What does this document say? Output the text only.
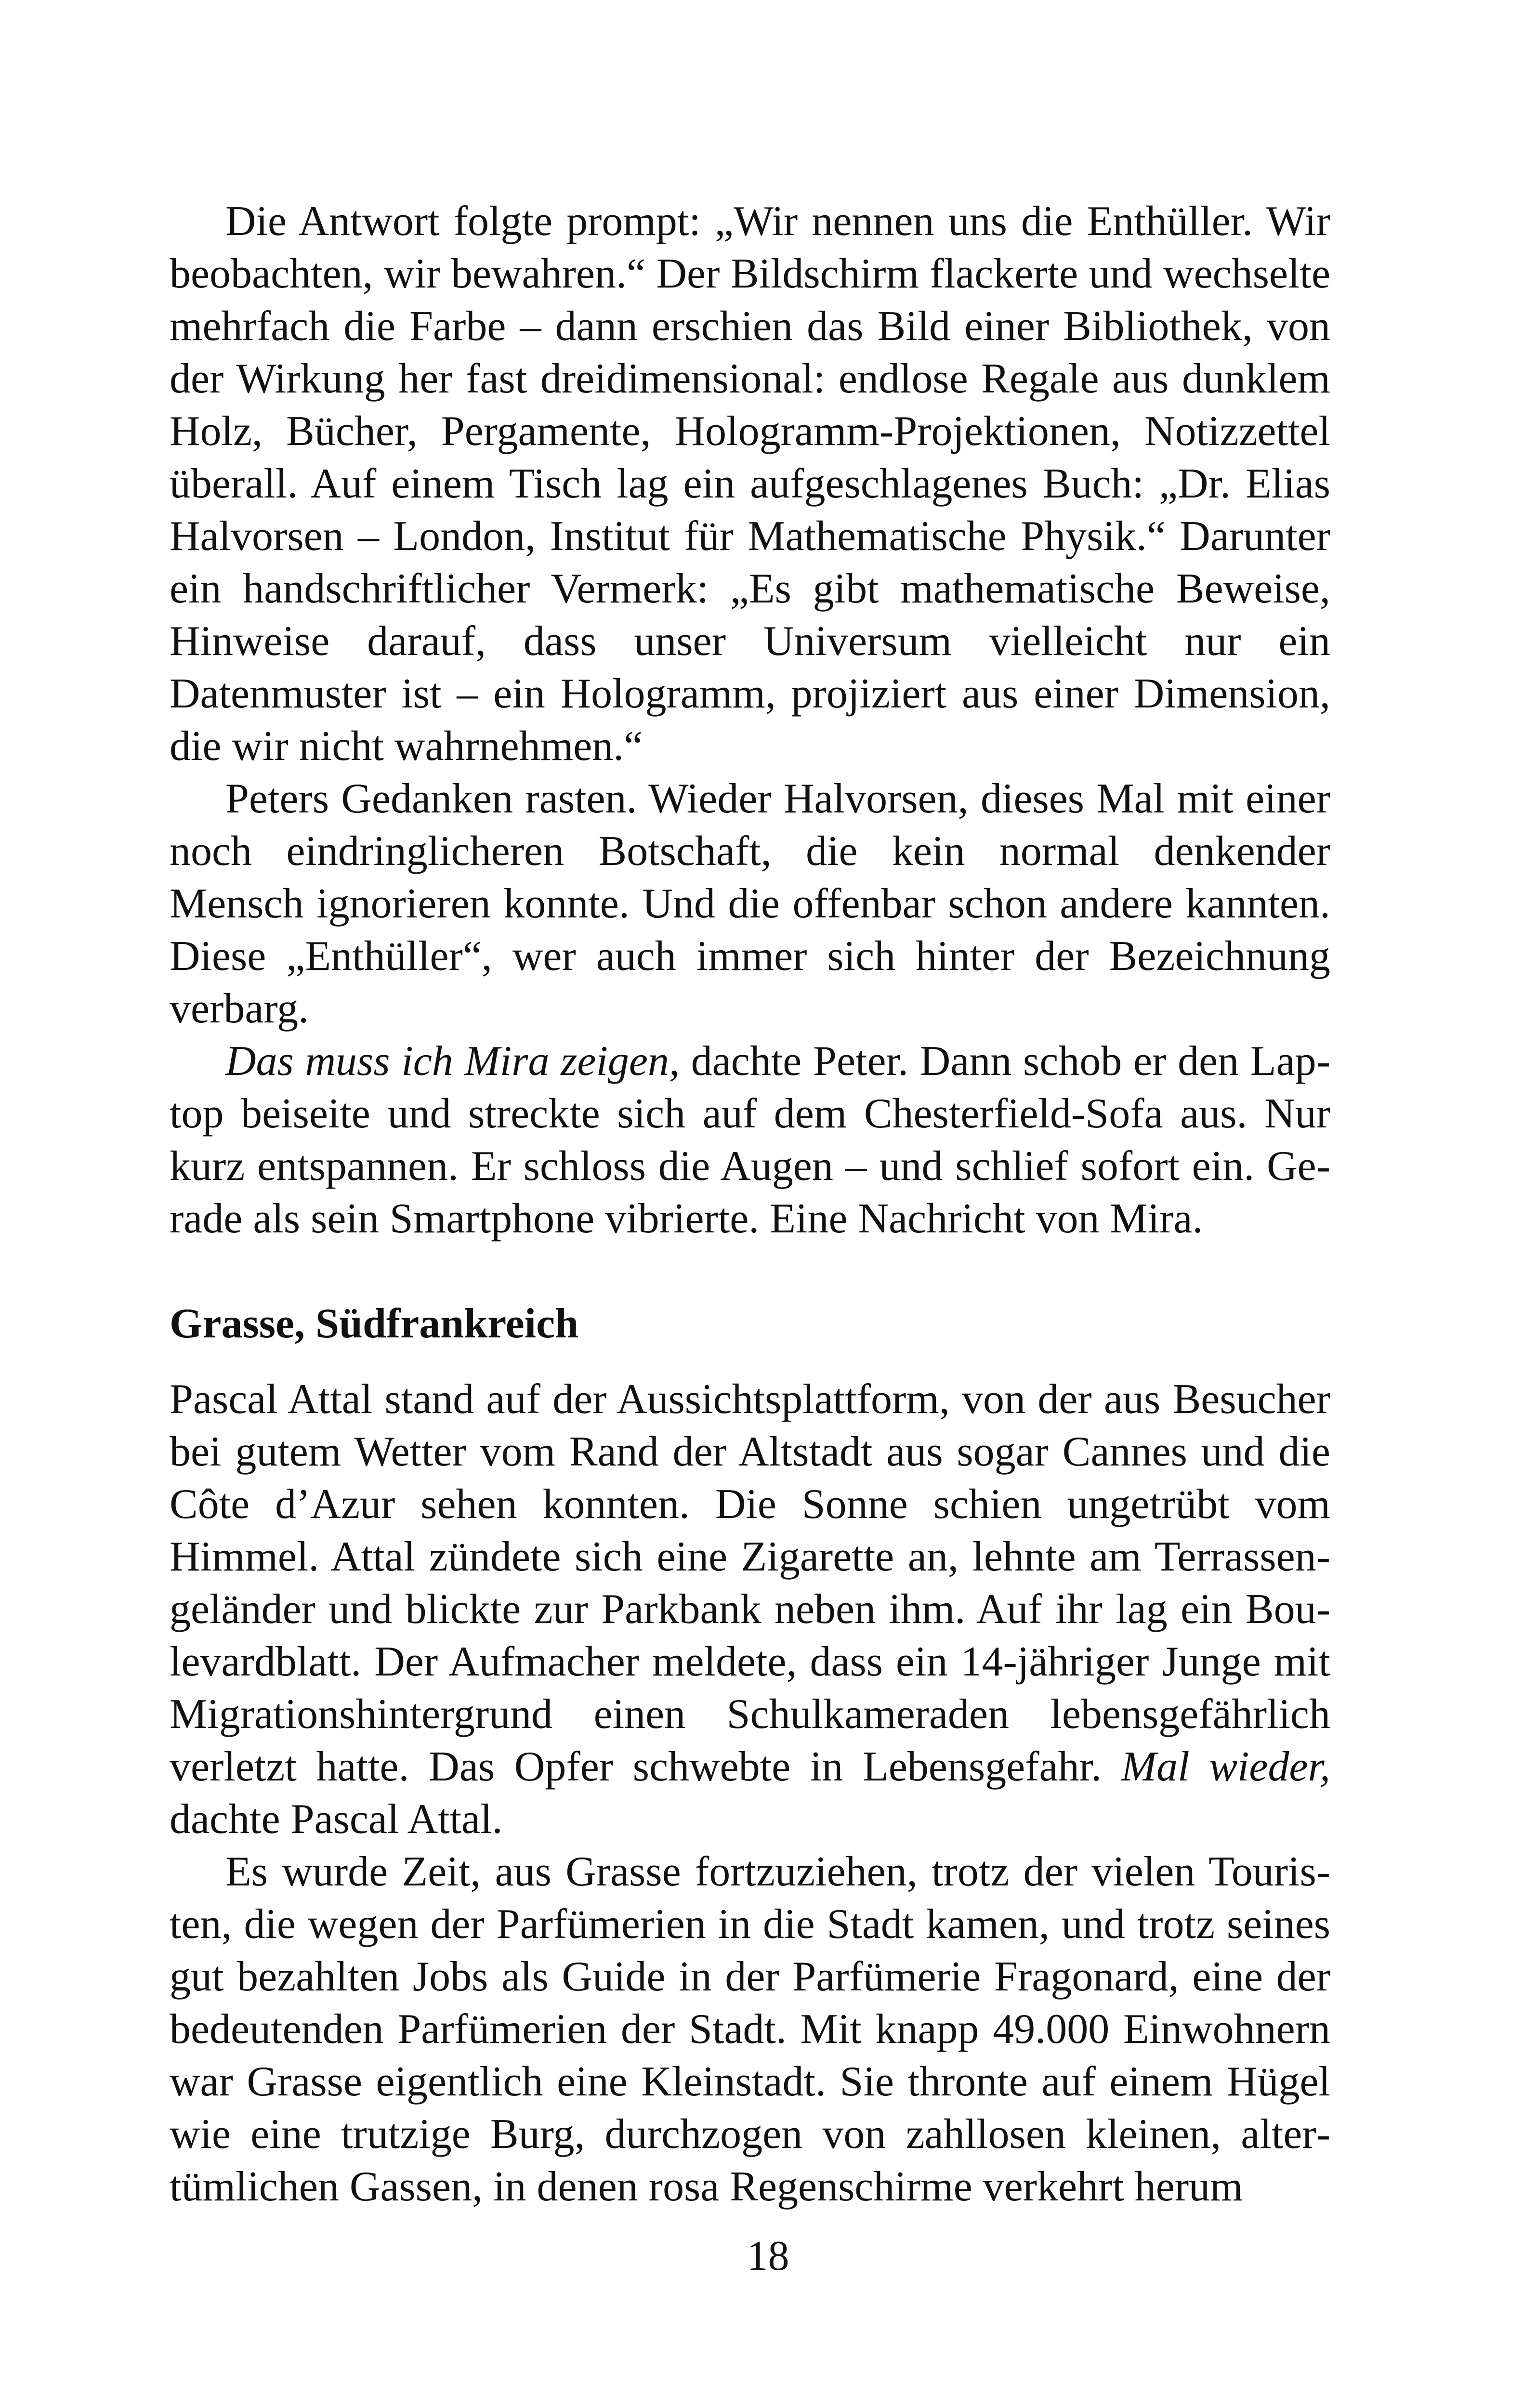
Die Antwort folgte prompt: „Wir nennen uns die Enthüller. Wir beobachten, wir bewahren.“ Der Bildschirm flackerte und wechselte mehrfach die Farbe – dann erschien das Bild einer Bibliothek, von der Wirkung her fast dreidimensional: endlose Regale aus dunklem Holz, Bücher, Pergamente, Hologramm-Projektionen, Notizzettel überall. Auf einem Tisch lag ein aufgeschlagenes Buch: „Dr. Elias Halvorsen – London, Institut für Mathematische Physik.“ Darunter ein handschriftlicher Vermerk: „Es gibt mathematische Beweise, Hinweise darauf, dass unser Universum vielleicht nur ein Datenmuster ist – ein Hologramm, projiziert aus einer Dimension, die wir nicht wahrnehmen.“

Peters Gedanken rasten. Wieder Halvorsen, dieses Mal mit einer noch eindringlicheren Botschaft, die kein normal denkender Mensch ignorieren konnte. Und die offenbar schon andere kannten. Diese „Enthüller“, wer auch immer sich hinter der Bezeichnung verbarg.

Das muss ich Mira zeigen, dachte Peter. Dann schob er den Laptop beiseite und streckte sich auf dem Chesterfield-Sofa aus. Nur kurz entspannen. Er schloss die Augen – und schlief sofort ein. Gerade als sein Smartphone vibrierte. Eine Nachricht von Mira.

Grasse, Südfrankreich

Pascal Attal stand auf der Aussichtsplattform, von der aus Besucher bei gutem Wetter vom Rand der Altstadt aus sogar Cannes und die Côte d’Azur sehen konnten. Die Sonne schien ungetrübt vom Himmel. Attal zündete sich eine Zigarette an, lehnte am Terrassengeländer und blickte zur Parkbank neben ihm. Auf ihr lag ein Boulevardblatt. Der Aufmacher meldete, dass ein 14-jähriger Junge mit Migrationshintergrund einen Schulkameraden lebensgefährlich verletzt hatte. Das Opfer schwebte in Lebensgefahr. Mal wieder, dachte Pascal Attal.

Es wurde Zeit, aus Grasse fortzuziehen, trotz der vielen Touristen, die wegen der Parfümerien in die Stadt kamen, und trotz seines gut bezahlten Jobs als Guide in der Parfümerie Fragonard, eine der bedeutenden Parfümerien der Stadt. Mit knapp 49.000 Einwohnern war Grasse eigentlich eine Kleinstadt. Sie thronte auf einem Hügel wie eine trutzige Burg, durchzogen von zahllosen kleinen, altertümlichen Gassen, in denen rosa Regenschirme verkehrt herum

18
